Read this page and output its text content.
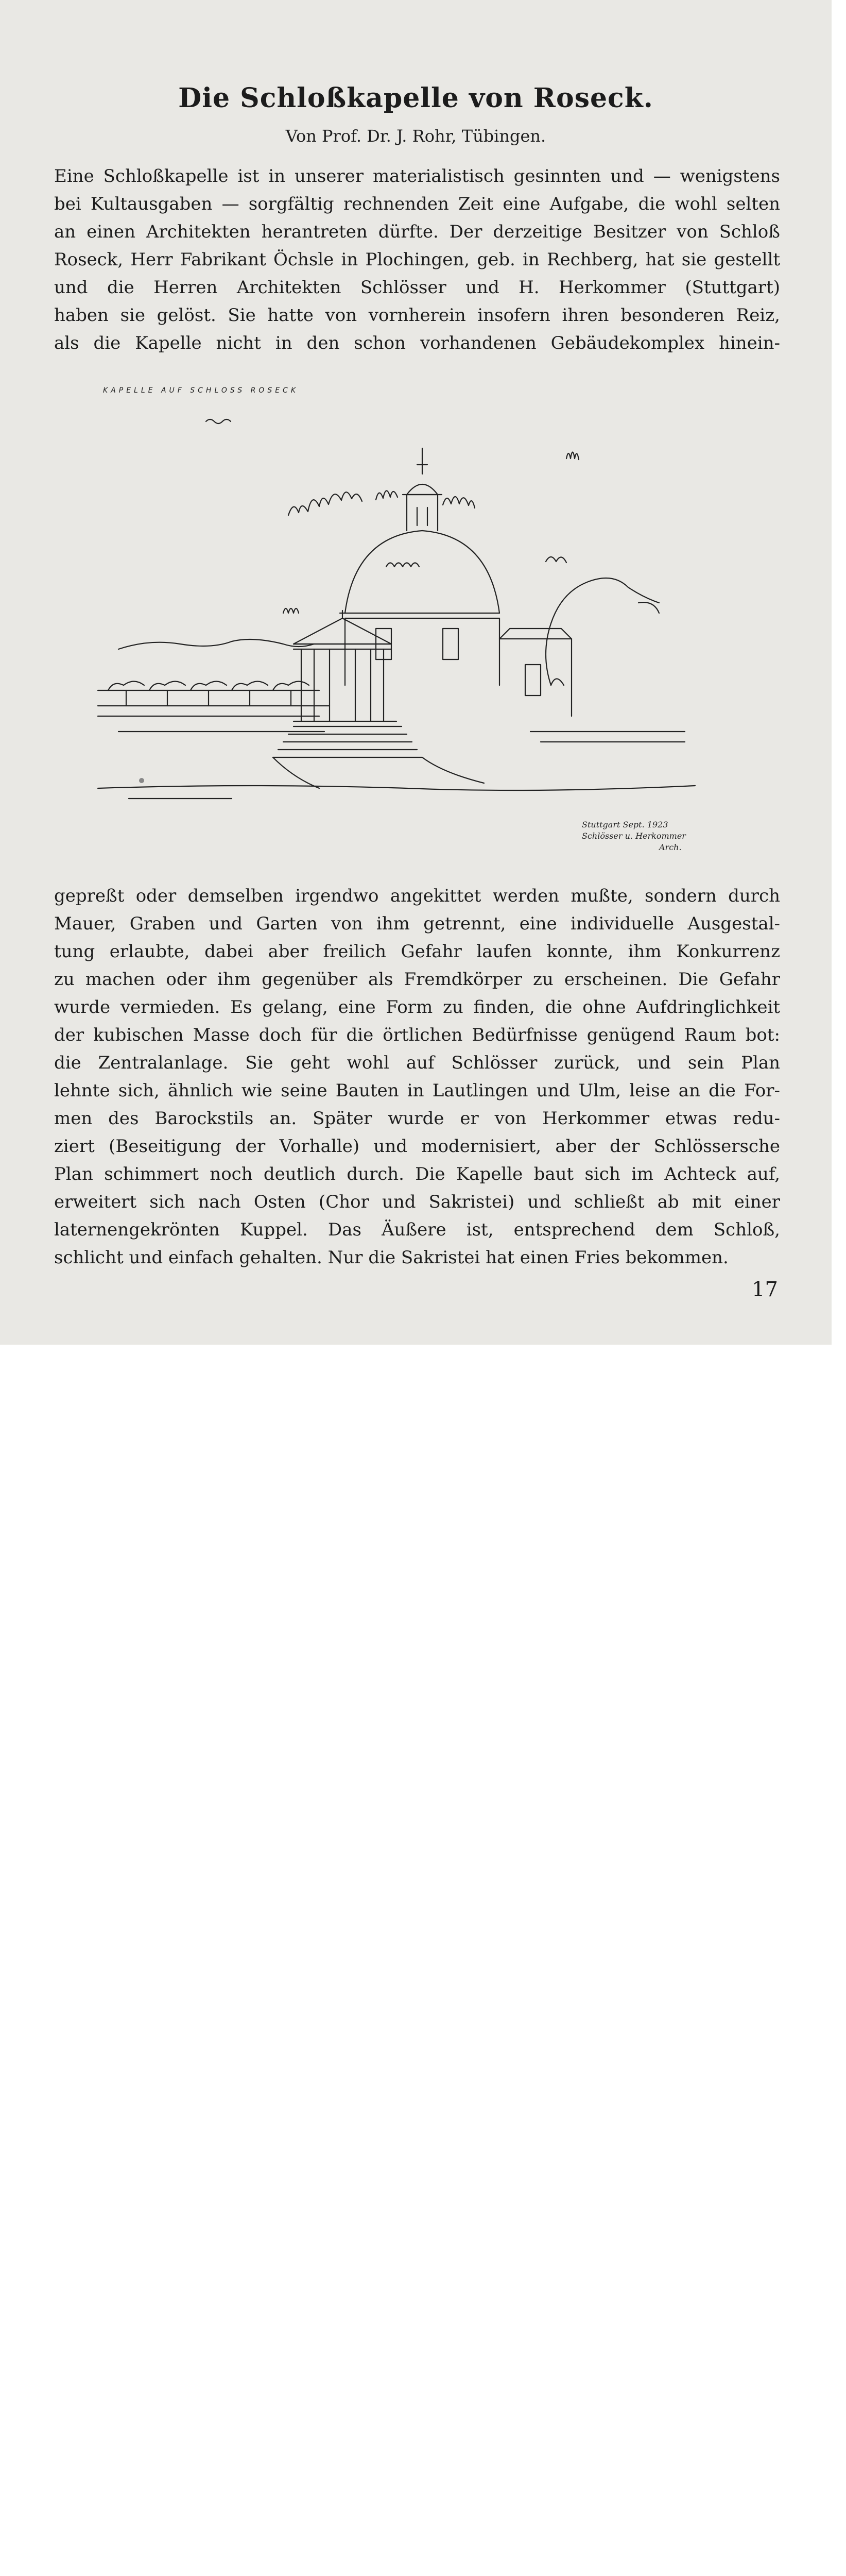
Die Schloßkapelle von Roseck.
Von Prof. Dr. J. Rohr, Tübingen.
Eine Schloßkapelle ist in unserer materialistisch gesinnten und — wenigstens
bei Kultausgaben — sorgfältig rechnenden Zeit eine Aufgabe, die wohl selten
an einen Architekten herantreten dürfte. Der derzeitige Besitzer von Schloß
Roseck, Herr Fabrikant Öchsle in Plochingen, geb. in Rechberg, hat sie gestellt
und die Herren Architekten Schlösser und H. Herkommer (Stuttgart)
haben sie gelöst. Sie hatte von vornherein insofern ihren besonderen Reiz,
als die Kapelle nicht in den schon vorhandenen Gebäudekomplex hinein-
KAPELLE AUF SCHLOSS ROSECK
Stuttgart Sept. 1923
Schlösser u. Herkommer
Arch.
gepreßt oder demselben irgendwo angekittet werden mußte, sondern durch
Mauer, Graben und Garten von ihm getrennt, eine individuelle Ausgestal-
tung erlaubte, dabei aber freilich Gefahr laufen konnte, ihm Konkurrenz
zu machen oder ihm gegenüber als Fremdkörper zu erscheinen. Die Gefahr
wurde vermieden. Es gelang, eine Form zu finden, die ohne Aufdringlichkeit
der kubischen Masse doch für die örtlichen Bedürfnisse genügend Raum bot:
die Zentralanlage. Sie geht wohl auf Schlösser zurück, und sein Plan
lehnte sich, ähnlich wie seine Bauten in Lautlingen und Ulm, leise an die For-
men des Barockstils an. Später wurde er von Herkommer etwas redu-
ziert (Beseitigung der Vorhalle) und modernisiert, aber der Schlössersche
Plan schimmert noch deutlich durch. Die Kapelle baut sich im Achteck auf,
erweitert sich nach Osten (Chor und Sakristei) und schließt ab mit einer
laternengekrönten Kuppel. Das Äußere ist, entsprechend dem Schloß,
schlicht und einfach gehalten. Nur die Sakristei hat einen Fries bekommen.
17
